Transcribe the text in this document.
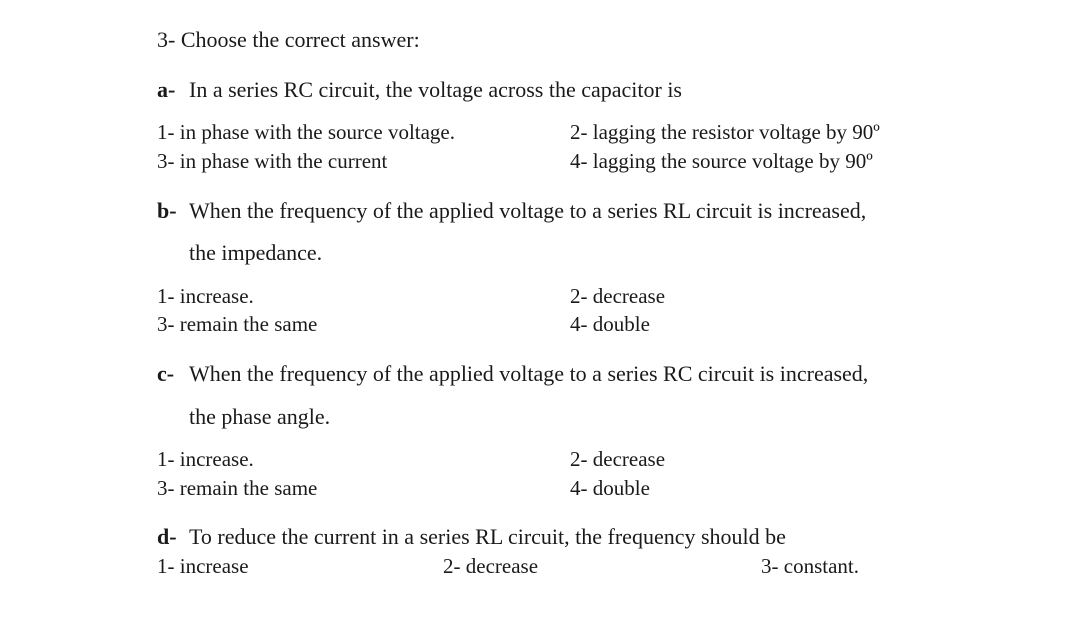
3- Choose the correct answer:
a- In a series RC circuit, the voltage across the capacitor is
1- in phase with the source voltage.	2- lagging the resistor voltage by 90º
3- in phase with the current	4- lagging the source voltage by 90º
b- When the frequency of the applied voltage to a series RL circuit is increased,
the impedance.
1- increase.	2- decrease
3- remain the same	4- double
c- When the frequency of the applied voltage to a series RC circuit is increased,
the phase angle.
1- increase.	2- decrease
3- remain the same	4- double
d- To reduce the current in a series RL circuit, the frequency should be
1- increase	2- decrease	3- constant.
